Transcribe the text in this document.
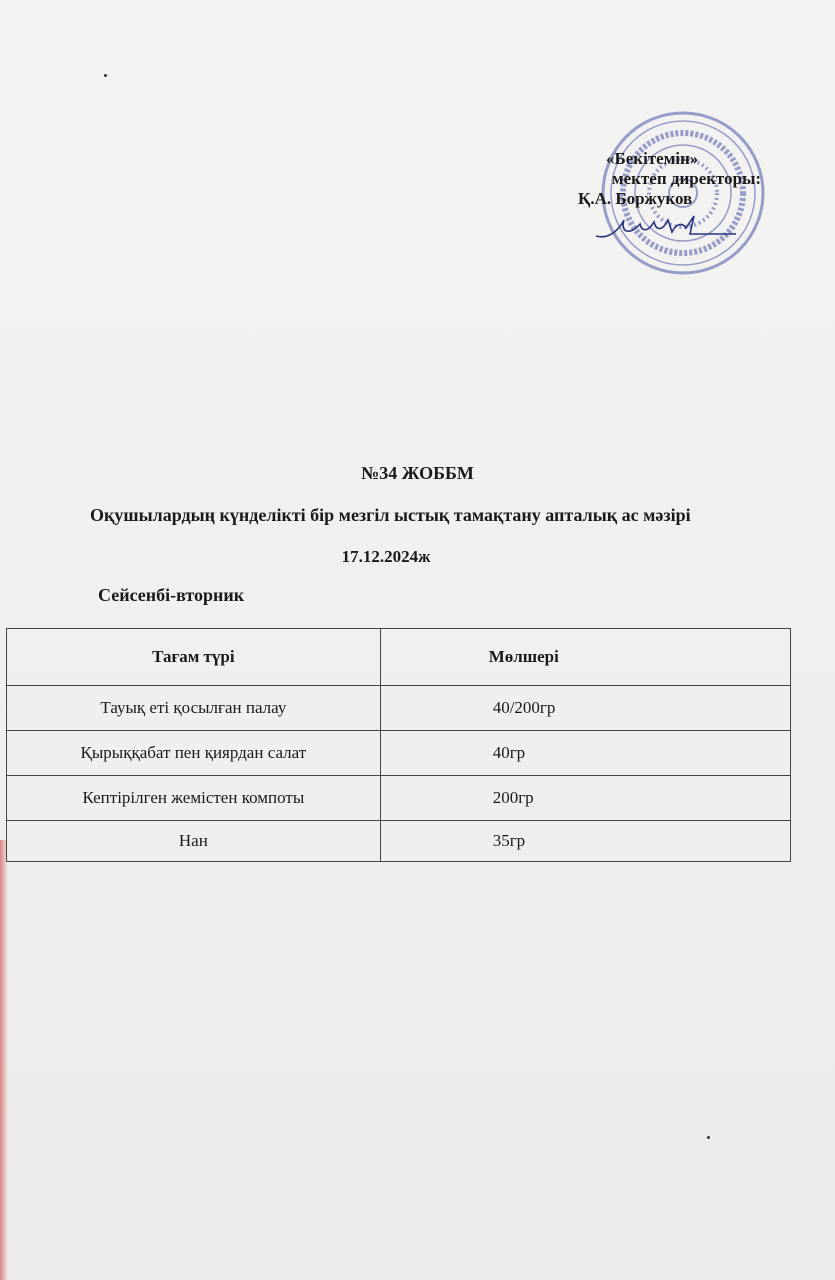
«Бекітемін»
мектеп директоры:
Қ.А. Боржуков
№34 ЖОББМ
Оқушылардың күнделікті бір мезгіл ыстық тамақтану апталық ас мәзірі
17.12.2024ж
Сейсенбі-вторник
Тағам түрі	Мөлшері
Тауық еті қосылған палау	40/200гр
Қырыққабат пен қиярдан салат	40гр
Кептірілген жемістен компоты	200гр
Нан	35гр
